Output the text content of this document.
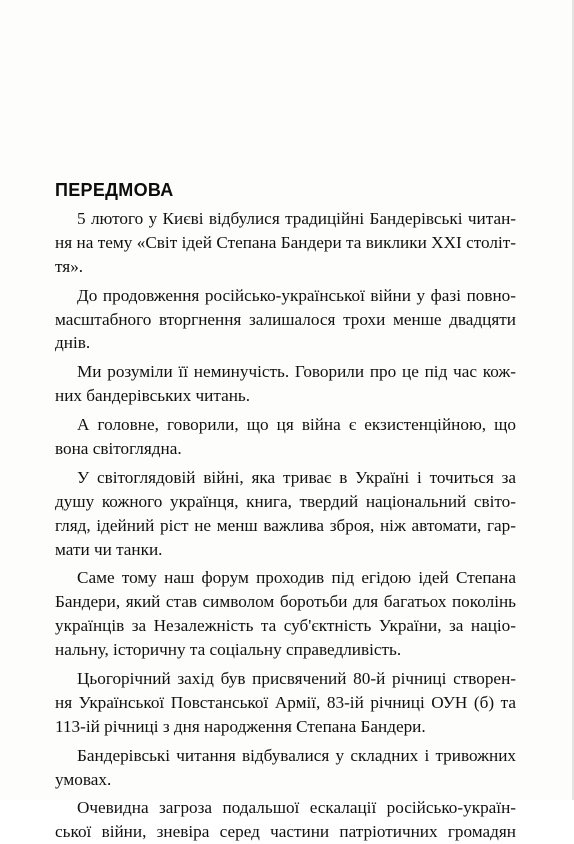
ПЕРЕДМОВА
5 лютого у Києві відбулися традиційні Бандерівські читан-
ня на тему «Світ ідей Степана Бандери та виклики XXI століт-
тя».
До продовження російсько-української війни у фазі повно-
масштабного вторгнення залишалося трохи менше двадцяти
днів.
Ми розуміли її неминучість. Говорили про це під час кож-
них бандерівських читань.
А головне, говорили, що ця війна є екзистенційною, що
вона світоглядна.
У світоглядовій війні, яка триває в Україні і точиться за
душу кожного українця, книга, твердий національний світо-
гляд, ідейний ріст не менш важлива зброя, ніж автомати, гар-
мати чи танки.
Саме тому наш форум проходив під егідою ідей Степана
Бандери, який став символом боротьби для багатьох поколінь
українців за Незалежність та суб'єктність України, за націо-
нальну, історичну та соціальну справедливість.
Цьогорічний захід був присвячений 80-й річниці створен-
ня Української Повстанської Армії, 83-ій річниці ОУН (б) та
113-ій річниці з дня народження Степана Бандери.
Бандерівські читання відбувалися у складних і тривожних
умовах.
Очевидна загроза подальшої ескалації російсько-україн-
ської війни, зневіра серед частини патріотичних громадян
